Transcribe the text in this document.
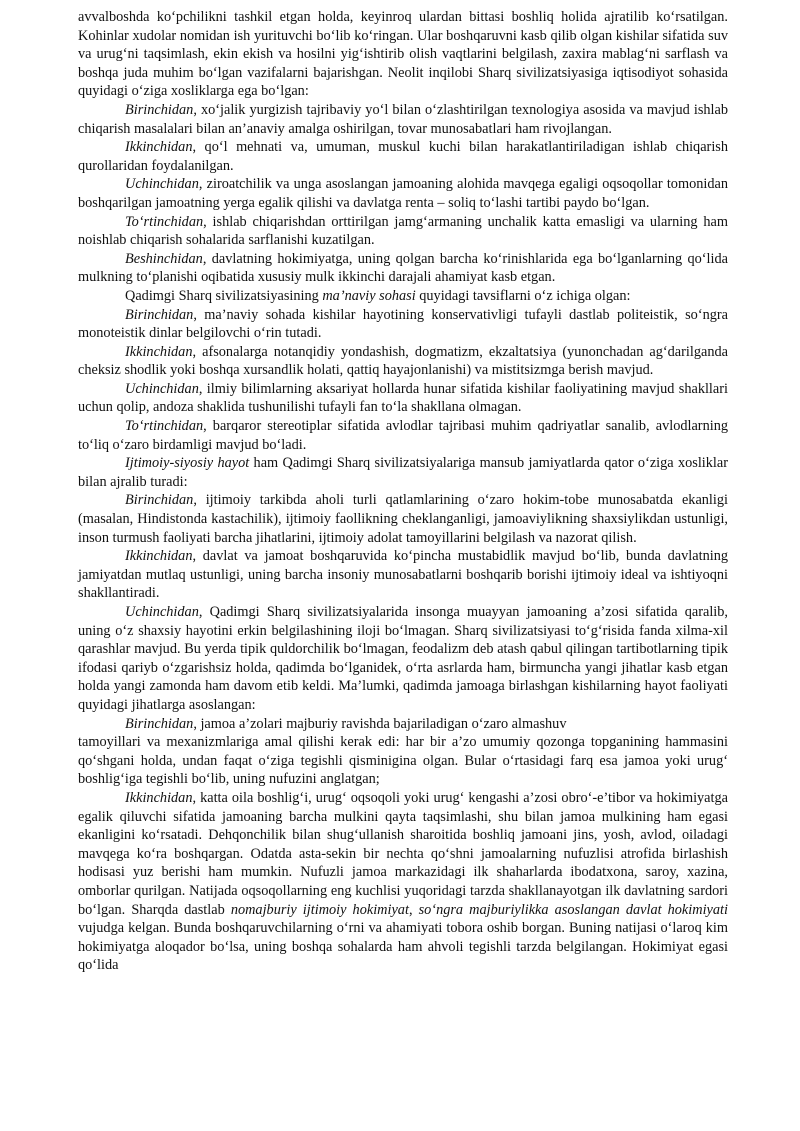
avvalboshda ko‘pchilikni tashkil etgan holda, keyinroq ulardan bittasi boshliq holida ajratilib ko‘rsatilgan. Kohinlar xudolar nomidan ish yurituvchi bo‘lib ko‘ringan. Ular boshqaruvni kasb qilib olgan kishilar sifatida suv va urug‘ni taqsimlash, ekin ekish va hosilni yig‘ishtirib olish vaqtlarini belgilash, zaxira mablag‘ni sarflash va boshqa juda muhim bo‘lgan vazifalarni bajarishgan. Neolit inqilobi Sharq sivilizatsiyasiga iqtisodiyot sohasida quyidagi o‘ziga xosliklarga ega bo‘lgan:

Birinchidan, xo‘jalik yurgizish tajribaviy yo‘l bilan o‘zlashtirilgan texnologiya asosida va mavjud ishlab chiqarish masalalari bilan an’anaviy amalga oshirilgan, tovar munosabatlari ham rivojlangan.

Ikkinchidan, qo‘l mehnati va, umuman, muskul kuchi bilan harakatlantiriladigan ishlab chiqarish qurollaridan foydalanilgan.

Uchinchidan, ziroatchilik va unga asoslangan jamoaning alohida mavqega egaligi oqsoqollar tomonidan boshqarilgan jamoatning yerga egalik qilishi va davlatga renta – soliq to‘lashi tartibi paydo bo‘lgan.

To‘rtinchidan, ishlab chiqarishdan orttirilgan jamg‘armaning unchalik katta emasligi va ularning ham noishlab chiqarish sohalarida sarflanishi kuzatilgan.

Beshinchidan, davlatning hokimiyatga, uning qolgan barcha ko‘rinishlarida ega bo‘lganlarning qo‘lida mulkning to‘planishi oqibatida xususiy mulk ikkinchi darajali ahamiyat kasb etgan.

Qadimgi Sharq sivilizatsiyasining ma’naviy sohasi quyidagi tavsiflarni o‘z ichiga olgan:

Birinchidan, ma’naviy sohada kishilar hayotining konservativligi tufayli dastlab politeistik, so‘ngra monoteistik dinlar belgilovchi o‘rin tutadi.

Ikkinchidan, afsonalarga notanqidiy yondashish, dogmatizm, ekzaltatsiya (yunonchadan ag‘darilganda cheksiz shodlik yoki boshqa xursandlik holati, qattiq hayajonlanishi) va mistitsizmga berish mavjud.

Uchinchidan, ilmiy bilimlarning aksariyat hollarda hunar sifatida kishilar faoliyatining mavjud shakllari uchun qolip, andoza shaklida tushunilishi tufayli fan to‘la shakllana olmagan.

To‘rtinchidan, barqaror stereotiplar sifatida avlodlar tajribasi muhim qadriyatlar sanalib, avlodlarning to‘liq o‘zaro birdamligi mavjud bo‘ladi.

Ijtimoiy-siyosiy hayot ham Qadimgi Sharq sivilizatsiyalariga mansub jamiyatlarda qator o‘ziga xosliklar bilan ajralib turadi:

Birinchidan, ijtimoiy tarkibda aholi turli qatlamlarining o‘zaro hokim-tobe munosabatda ekanligi (masalan, Hindistonda kastachilik), ijtimoiy faollikning cheklanganligi, jamoaviylikning shaxsiylikdan ustunligi, inson turmush faoliyati barcha jihatlarini, ijtimoiy adolat tamoyillarini belgilash va nazorat qilish.

Ikkinchidan, davlat va jamoat boshqaruvida ko‘pincha mustabidlik mavjud bo‘lib, bunda davlatning jamiyatdan mutlaq ustunligi, uning barcha insoniy munosabatlarni boshqarib borishi ijtimoiy ideal va ishtiyoqni shakllantiradi.

Uchinchidan, Qadimgi Sharq sivilizatsiyalarida insonga muayyan jamoaning a’zosi sifatida qaralib, uning o‘z shaxsiy hayotini erkin belgilashining iloji bo‘lmagan. Sharq sivilizatsiyasi to‘g‘risida fanda xilma-xil qarashlar mavjud. Bu yerda tipik quldorchilik bo‘lmagan, feodalizm deb atash qabul qilingan tartibotlarning tipik ifodasi qariyb o‘zgarishsiz holda, qadimda bo‘lganidek, o‘rta asrlarda ham, birmuncha yangi jihatlar kasb etgan holda yangi zamonda ham davom etib keldi. Ma’lumki, qadimda jamoaga birlashgan kishilarning hayot faoliyati quyidagi jihatlarga asoslangan:

Birinchidan, jamoa a’zolari majburiy ravishda bajariladigan o‘zaro almashuv

tamoyillari va mexanizmlariga amal qilishi kerak edi: har bir a’zo umumiy qozonga topganining hammasini qo‘shgani holda, undan faqat o‘ziga tegishli qisminigina olgan. Bular o‘rtasidagi farq esa jamoa yoki urug‘ boshlig‘iga tegishli bo‘lib, uning nufuzini anglatgan;

Ikkinchidan, katta oila boshlig‘i, urug‘ oqsoqoli yoki urug‘ kengashi a’zosi obro‘-e’tibor va hokimiyatga egalik qiluvchi sifatida jamoaning barcha mulkini qayta taqsimlashi, shu bilan jamoa mulkining ham egasi ekanligini ko‘rsatadi. Dehqonchilik bilan shug‘ullanish sharoitida boshliq jamoani jins, yosh, avlod, oiladagi mavqega ko‘ra boshqargan. Odatda asta-sekin bir nechta qo‘shni jamoalarning nufuzlisi atrofida birlashish hodisasi yuz berishi ham mumkin. Nufuzli jamoa markazidagi ilk shaharlarda ibodatxona, saroy, xazina, omborlar qurilgan. Natijada oqsoqollarning eng kuchlisi yuqoridagi tarzda shakllanayotgan ilk davlatning sardori bo‘lgan. Sharqda dastlab nomajburiy ijtimoiy hokimiyat, so‘ngra majburiylikka asoslangan davlat hokimiyati vujudga kelgan. Bunda boshqaruvchilarning o‘rni va ahamiyati tobora oshib borgan. Buning natijasi o‘laroq kim hokimiyatga aloqador bo‘lsa, uning boshqa sohalarda ham ahvoli tegishli tarzda belgilangan. Hokimiyat egasi qo‘lida
